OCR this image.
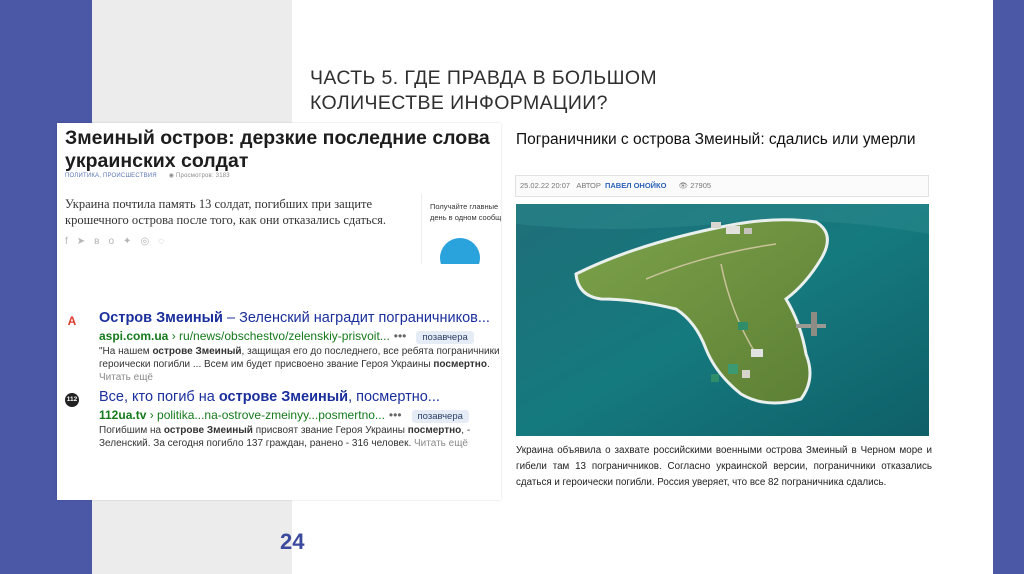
ЧАСТЬ 5. ГДЕ ПРАВДА В БОЛЬШОМ КОЛИЧЕСТВЕ ИНФОРМАЦИИ?
Змеиный остров: дерзкие последние слова украинских солдат
ПОЛИТИКА, ПРОИСШЕСТВИЯ ◉ Просмотров: 3183
Украина почтила память 13 солдат, погибших при защите крошечного острова после того, как они отказались сдаться.
f ➤ в о ✦ ◎ ◌
Получайте главные
день в одном сообщ
A Остров Змеиный – Зеленский наградит пограничников...
aspi.com.ua › ru/news/obschestvo/zelenskiy-prisvoit... ••• позавчера
"На нашем острове Змеиный, защищая его до последнего, все ребята пограничники героически погибли ... Всем им будет присвоено звание Героя Украины посмертно. Читать ещё
112 Все, кто погиб на острове Змеиный, посмертно...
112ua.tv › politika...na-ostrove-zmeinyy...posmertno... ••• позавчера
Погибшим на острове Змеиный присвоят звание Героя Украины посмертно, - Зеленский. За сегодня погибло 137 граждан, ранено - 316 человек. Читать ещё
Пограничники с острова Змеиный: сдались или умерли
25.02.22 20:07 АВТОР ПАВЕЛ ОНОЙКО 👁 27905
Украина объявила о захвате российскими военными острова Змеиный в Черном море и гибели там 13 пограничников. Согласно украинской версии, пограничники отказались сдаться и героически погибли. Россия уверяет, что все 82 пограничника сдались.
24
